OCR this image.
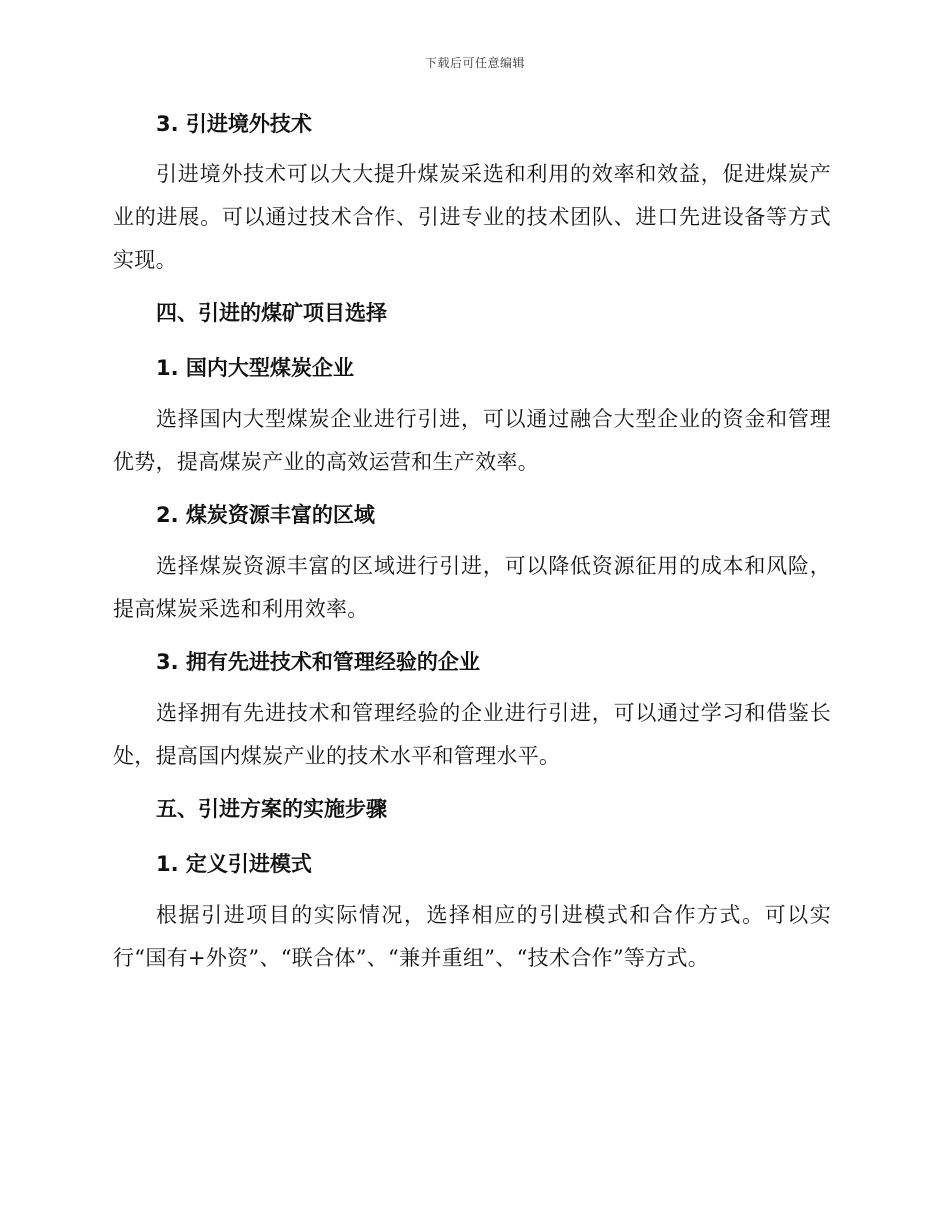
下载后可任意编辑

3. 引进境外技术

引进境外技术可以大大提升煤炭采选和利用的效率和效益，促进煤炭产业的进展。可以通过技术合作、引进专业的技术团队、进口先进设备等方式实现。

四、引进的煤矿项目选择

1. 国内大型煤炭企业

选择国内大型煤炭企业进行引进，可以通过融合大型企业的资金和管理优势，提高煤炭产业的高效运营和生产效率。

2. 煤炭资源丰富的区域

选择煤炭资源丰富的区域进行引进，可以降低资源征用的成本和风险，提高煤炭采选和利用效率。

3. 拥有先进技术和管理经验的企业

选择拥有先进技术和管理经验的企业进行引进，可以通过学习和借鉴长处，提高国内煤炭产业的技术水平和管理水平。

五、引进方案的实施步骤

1. 定义引进模式

根据引进项目的实际情况，选择相应的引进模式和合作方式。可以实行“国有+外资”、“联合体”、“兼并重组”、“技术合作”等方式。
